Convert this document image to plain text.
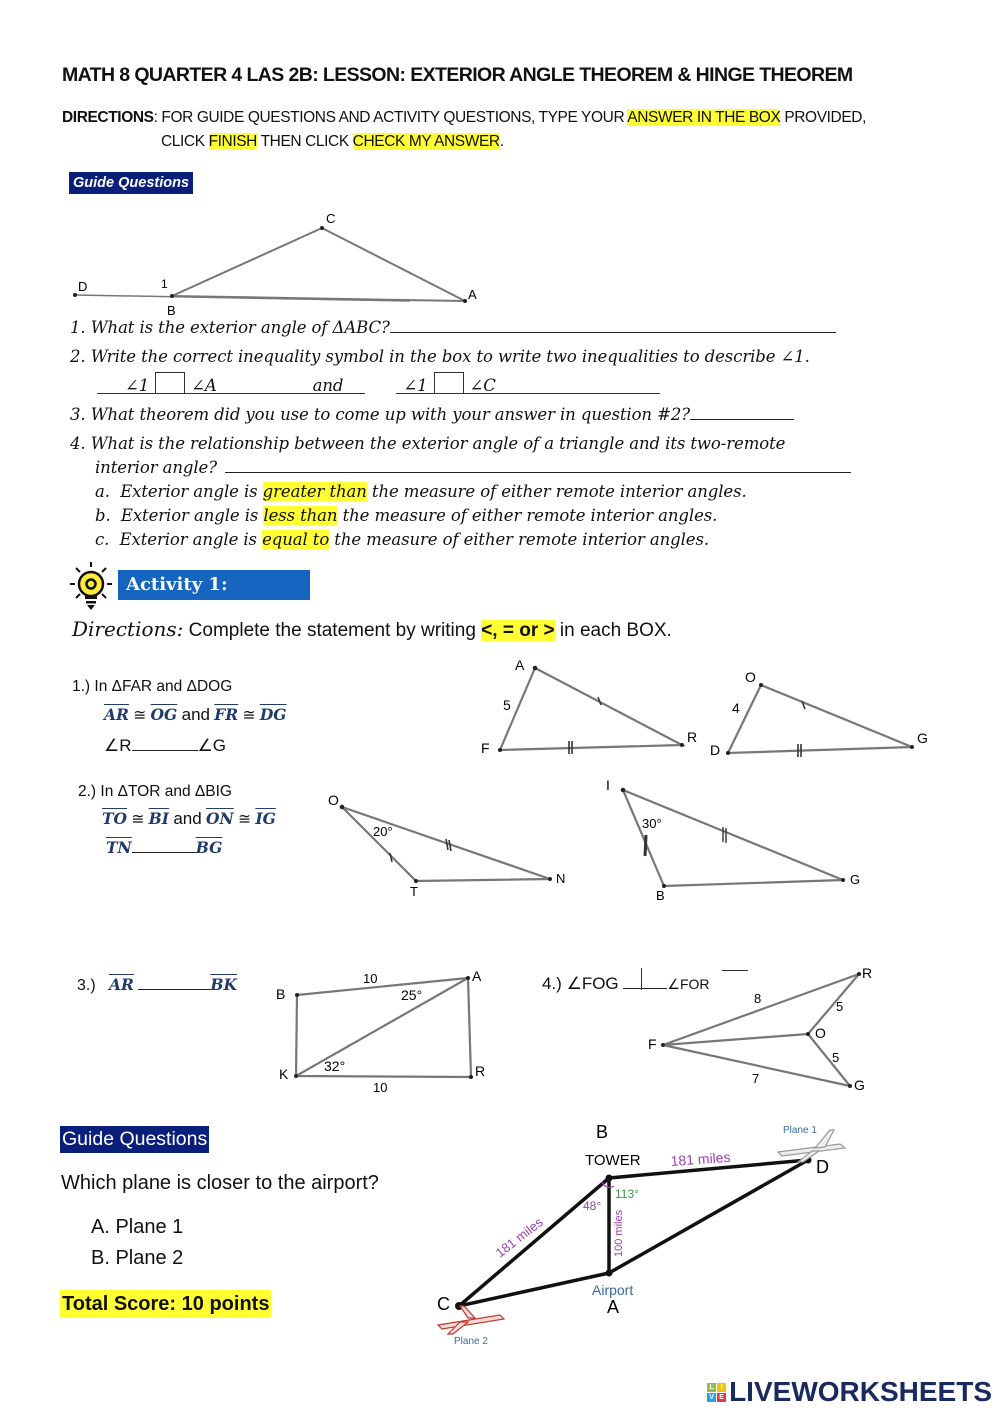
MATH 8 QUARTER 4 LAS 2B: LESSON: EXTERIOR ANGLE THEOREM & HINGE THEOREM
DIRECTIONS: FOR GUIDE QUESTIONS AND ACTIVITY QUESTIONS, TYPE YOUR ANSWER IN THE BOX PROVIDED,
CLICK FINISH THEN CLICK CHECK MY ANSWER.
Guide Questions
C
D	1
B
A
1. What is the exterior angle of ΔABC?
2. Write the correct inequality symbol in the box to write two inequalities to describe ∠1.
∠1	∠A	and	∠1	∠C
3. What theorem did you use to come up with your answer in question #2?
4. What is the relationship between the exterior angle of a triangle and its two-remote
interior angle?
a. Exterior angle is greater than the measure of either remote interior angles.
b. Exterior angle is less than the measure of either remote interior angles.
c. Exterior angle is equal to the measure of either remote interior angles.
Activity 1:
Directions: Complete the statement by writing <, = or > in each BOX.
1.) In ΔFAR and ΔDOG
$\overline{AR}$ ≅ $\overline{OG}$ and $\overline{FR}$ ≅ $\overline{DG}$
∠R	∠G
A
F
R
5
O
D
G
4
2.) In ΔTOR and ΔBIG
$\overline{TO}$ ≅ $\overline{BI}$ and $\overline{ON}$ ≅ $\overline{IG}$
$\overline{TN}$	$\overline{BG}$
O
T
N
20°
I
B
G
30°
3.) $\overline{AR}$	$\overline{BK}$	B
A
K	R
10
10
25°
32°
4.) ∠FOG	∠FOR
R
F
O
G
8
5
5
7
Guide Questions
Which plane is closer to the airport?
A. Plane 1
B. Plane 2
Total Score: 10 points
B
TOWER 181 miles
Plane 1
D
113°
48°
181 miles	100 miles
Airport
A
C
Plane 2
L I
V E LIVEWORKSHEETS
